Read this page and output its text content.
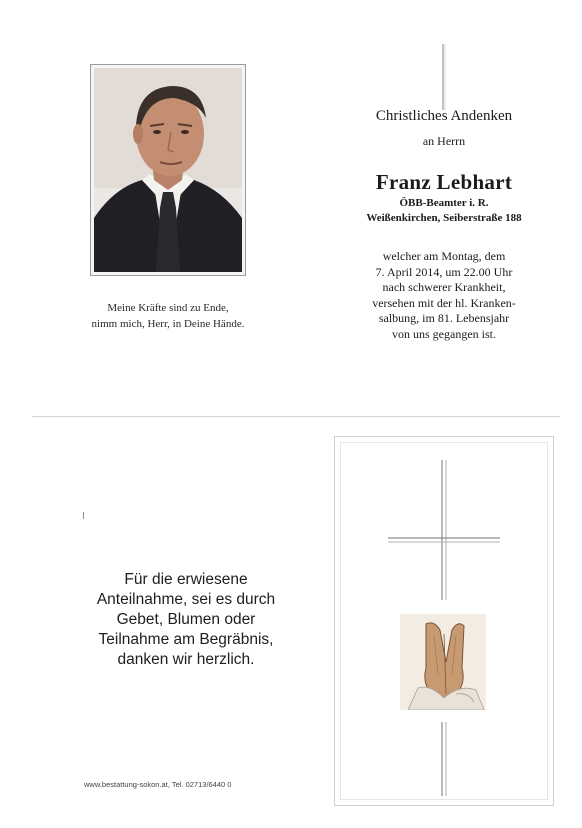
Meine Kräfte sind zu Ende,
nimm mich, Herr, in Deine Hände.
Christliches Andenken
an Herrn
Franz Lebhart
ÖBB-Beamter i. R.
Weißenkirchen, Seiberstraße 188
welcher am Montag, dem
7. April 2014, um 22.00 Uhr
nach schwerer Krankheit,
versehen mit der hl. Kranken-
salbung, im 81. Lebensjahr
von uns gegangen ist.
Für die erwiesene
Anteilnahme, sei es durch
Gebet, Blumen oder
Teilnahme am Begräbnis,
danken wir herzlich.
www.bestattung-sokon.at, Tel. 02713/6440 0
